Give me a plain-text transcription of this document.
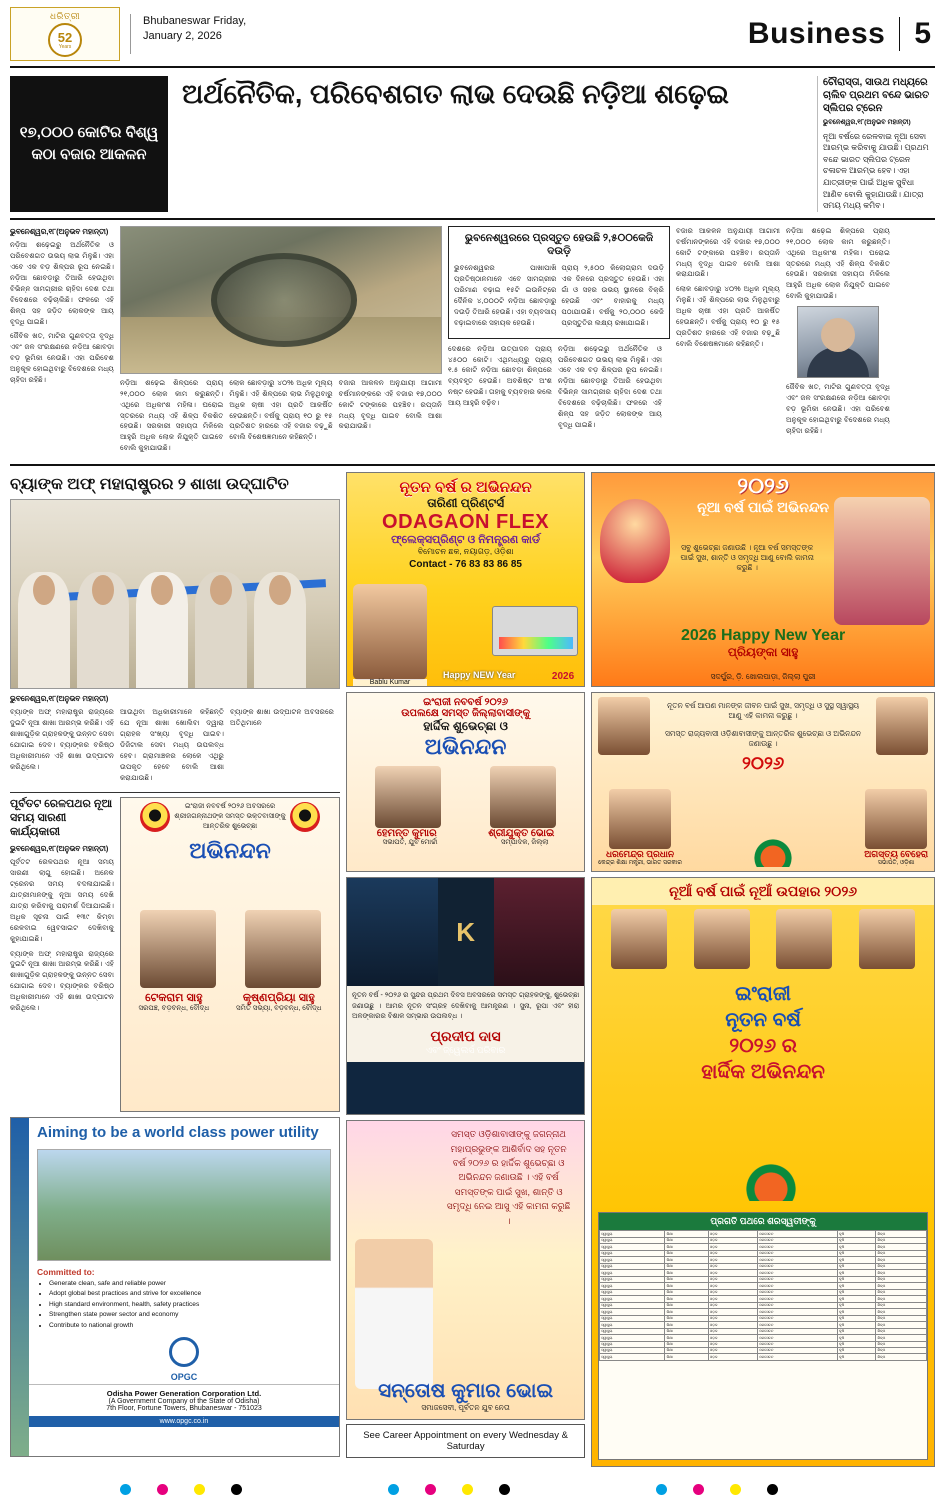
ଧରିତ୍ରୀ
52
Years
Bhubaneswar Friday,
January 2, 2026	Business 5
୧୭,୦୦୦ କୋଟିର ବିଶ୍ୱ କଠା ବଜାର ଆକଳନ
ଅର୍ଥନୈତିକ, ପରିବେଶଗତ ଲାଭ ଦେଉଛି ନଡ଼ିଆ ଶଢ଼େଇ	ଚୌରାସ୍ତା, ସାଉଥ ମଧ୍ୟରେ ଚାଲିବ ପ୍ରଥମ ବନ୍ଦେ ଭାରତ ସ୍ଲିପର ଟ୍ରେନ
ଭୁବନେଶ୍ୱର,୧୮(ଅନୁଭବ ମହାନ୍ତୀ)
ନୂଆ ବର୍ଷରେ ରେଳବାଇ ନୂଆ ସେବା ଆରମ୍ଭ କରିବାକୁ ଯାଉଛି। ପ୍ରଥମ ବନ୍ଦେ ଭାରତ ସ୍ଲିପର ଟ୍ରେନ ଚଳାଚଳ ଆରମ୍ଭ ହେବ। ଏହା ଯାତ୍ରୀଙ୍କ ପାଇଁ ଅଧିକ ସୁବିଧା ଆଣିବ ବୋଲି କୁହାଯାଉଛି। ଯାତ୍ରା ସମୟ ମଧ୍ୟ କମିବ।
ଭୁବନେଶ୍ୱର,୧୮(ଅନୁଭବ ମହାନ୍ତୀ)

ନଡ଼ିଆ ଶଢ଼େଇରୁ ଅର୍ଥନୈତିକ ଓ ପରିବେଶଗତ ଉଭୟ ଲାଭ ମିଳୁଛି। ଏହା ଏବେ ଏକ ବଡ଼ ଶିଳ୍ପର ରୂପ ନେଇଛି। ନଡ଼ିଆ ଛୋବଡ଼ାରୁ ତିଆରି ହେଉଥିବା ବିଭିନ୍ନ ସାମଗ୍ରୀର ଚାହିଦା ଦେଶ ତଥା ବିଦେଶରେ ବଢ଼ିଚାଲିଛି। ଫଳରେ ଏହି ଶିଳ୍ପ ସହ ଜଡ଼ିତ ଲୋକଙ୍କ ଆୟ ବୃଦ୍ଧି ପାଇଛି।

ଜୈବିକ ଖତ, ମାଟିର ଗୁଣବତ୍ତା ବୃଦ୍ଧି ଏବଂ ଜଳ ସଂରକ୍ଷଣରେ ନଡ଼ିଆ ଛୋବଡ଼ା ବଡ଼ ଭୂମିକା ନେଉଛି। ଏହା ପରିବେଶ ଅନୁକୂଳ ହୋଇଥିବାରୁ ବିଦେଶରେ ମଧ୍ୟ ଚାହିଦା ରହିଛି।	ନଡ଼ିଆ ଶଢ଼େଇ ଶିଳ୍ପରେ ପ୍ରାୟ ୨୧,୦୦୦ ଲୋକ କାମ କରୁଛନ୍ତି। ଏଥିରେ ଅଧିକାଂଶ ମହିଳା। ଘରୋଇ ସ୍ତରରେ ମଧ୍ୟ ଏହି ଶିଳ୍ପ ବିକଶିତ ହେଉଛି। ସରକାରୀ ସହାୟତା ମିଳିଲେ ଆହୁରି ଅଧିକ ଲୋକ ନିଯୁକ୍ତି ପାଇବେ ବୋଲି କୁହାଯାଉଛି।

ଲୋକ ଛୋବଡ଼ାରୁ ୪୦% ଅଧିକ ମୂଲ୍ୟ ମିଳୁଛି। ଏହି ଶିଳ୍ପରେ ଲାଭ ମିଳୁଥିବାରୁ ଅଧିକ ଚାଷୀ ଏହା ପ୍ରତି ଆକର୍ଷିତ ହେଉଛନ୍ତି। ବର୍ଷକୁ ପ୍ରାୟ ୧୦ ରୁ ୧୫ ପ୍ରତିଶତ ହାରରେ ଏହି ବଜାର ବଢ଼ୁଛି ବୋଲି ବିଶେଷଜ୍ଞମାନେ କହିଛନ୍ତି।

ବଜାର ଆକଳନ ଅନୁଯାୟୀ ଆଗାମୀ ବର୍ଷମାନଙ୍କରେ ଏହି ବଜାର ୧୭,୦୦୦ କୋଟି ଟଙ୍କାରେ ପହଞ୍ଚିବ। ରପ୍ତାନି ମଧ୍ୟ ବୃଦ୍ଧି ପାଇବ ବୋଲି ଆଶା କରାଯାଉଛି।

ଭୁବନେଶ୍ୱରରେ ପ୍ରସ୍ତୁତ ହେଉଛି ୨,୫୦୦କେଜି ଦଉଡ଼ି

ଭୁବନେଶ୍ୱରର ପାଖାପାଖି ପ୍ରତିଷ୍ଠାନମାନେ ଏବେ ସାମଗ୍ରୀର ପରିମାଣ ବଢ଼ାଇ ୧୫ଟି ଇଉନିଟ୍‌ରେ ଦୈନିକ ୪,୦୦୦ଟି ନଡ଼ିଆ ଛୋବଡ଼ାରୁ ଦଉଡ଼ି ତିଆରି ହେଉଛି। ଏହା ବ୍ୟବସାୟ ବଢ଼ାଇବାରେ ସହାୟକ ହେଉଛି।

ପ୍ରାୟ ୨,୫୦୦ କିଲୋଗ୍ରାମ ଦଉଡ଼ି ଏକ ଦିନରେ ପ୍ରସ୍ତୁତ ହେଉଛି। ଏହା ଗାଁ ଓ ସହର ଉଭୟ ସ୍ଥାନରେ ବିକ୍ରି ହେଉଛି ଏବଂ ବାହାରକୁ ମଧ୍ୟ ପଠାଯାଉଛି। ବର୍ଷକୁ ୨୦,୦୦୦ କେଜି ପ୍ରସ୍ତୁତିର ଲକ୍ଷ୍ୟ ରଖାଯାଇଛି।

ଦେଶରେ ନଡ଼ିଆ ଉତ୍ପାଦନ ପ୍ରାୟ ୪୫୦୦ କୋଟି। ଏଥିମଧ୍ୟରୁ ପ୍ରାୟ ୧.୫ କୋଟି ନଡ଼ିଆ ଛୋବଡ଼ା ଶିଳ୍ପରେ ବ୍ୟବହୃତ ହେଉଛି। ଅବଶିଷ୍ଟ ଅଂଶ ନଷ୍ଟ ହେଉଛି। ତାହାକୁ ବ୍ୟବହାର କଲେ ଆୟ ଆହୁରି ବଢ଼ିବ।

ନଡ଼ିଆ ଶଢ଼େଇରୁ ଅର୍ଥନୈତିକ ଓ ପରିବେଶଗତ ଉଭୟ ଲାଭ ମିଳୁଛି। ଏହା ଏବେ ଏକ ବଡ଼ ଶିଳ୍ପର ରୂପ ନେଇଛି। ନଡ଼ିଆ ଛୋବଡ଼ାରୁ ତିଆରି ହେଉଥିବା ବିଭିନ୍ନ ସାମଗ୍ରୀର ଚାହିଦା ଦେଶ ତଥା ବିଦେଶରେ ବଢ଼ିଚାଲିଛି। ଫଳରେ ଏହି ଶିଳ୍ପ ସହ ଜଡ଼ିତ ଲୋକଙ୍କ ଆୟ ବୃଦ୍ଧି ପାଇଛି।

ବଜାର ଆକଳନ ଅନୁଯାୟୀ ଆଗାମୀ ବର୍ଷମାନଙ୍କରେ ଏହି ବଜାର ୧୭,୦୦୦ କୋଟି ଟଙ୍କାରେ ପହଞ୍ଚିବ। ରପ୍ତାନି ମଧ୍ୟ ବୃଦ୍ଧି ପାଇବ ବୋଲି ଆଶା କରାଯାଉଛି।

ଲୋକ ଛୋବଡ଼ାରୁ ୪୦% ଅଧିକ ମୂଲ୍ୟ ମିଳୁଛି। ଏହି ଶିଳ୍ପରେ ଲାଭ ମିଳୁଥିବାରୁ ଅଧିକ ଚାଷୀ ଏହା ପ୍ରତି ଆକର୍ଷିତ ହେଉଛନ୍ତି। ବର୍ଷକୁ ପ୍ରାୟ ୧୦ ରୁ ୧୫ ପ୍ରତିଶତ ହାରରେ ଏହି ବଜାର ବଢ଼ୁଛି ବୋଲି ବିଶେଷଜ୍ଞମାନେ କହିଛନ୍ତି।

ନଡ଼ିଆ ଶଢ଼େଇ ଶିଳ୍ପରେ ପ୍ରାୟ ୨୧,୦୦୦ ଲୋକ କାମ କରୁଛନ୍ତି। ଏଥିରେ ଅଧିକାଂଶ ମହିଳା। ଘରୋଇ ସ୍ତରରେ ମଧ୍ୟ ଏହି ଶିଳ୍ପ ବିକଶିତ ହେଉଛି। ସରକାରୀ ସହାୟତା ମିଳିଲେ ଆହୁରି ଅଧିକ ଲୋକ ନିଯୁକ୍ତି ପାଇବେ ବୋଲି କୁହାଯାଉଛି।

ଜୈବିକ ଖତ, ମାଟିର ଗୁଣବତ୍ତା ବୃଦ୍ଧି ଏବଂ ଜଳ ସଂରକ୍ଷଣରେ ନଡ଼ିଆ ଛୋବଡ଼ା ବଡ଼ ଭୂମିକା ନେଉଛି। ଏହା ପରିବେଶ ଅନୁକୂଳ ହୋଇଥିବାରୁ ବିଦେଶରେ ମଧ୍ୟ ଚାହିଦା ରହିଛି।

ବ୍ୟାଙ୍କ ଅଫ୍ ମହାରାଷ୍ଟ୍ରର ୨ ଶାଖା ଉଦ୍‌ଘାଟିତ
ଭୁବନେଶ୍ୱର,୧୮(ଅନୁଭବ ମହାନ୍ତୀ)

ବ୍ୟାଙ୍କ ଅଫ୍ ମହାରାଷ୍ଟ୍ର ରାଜ୍ୟରେ ଦୁଇଟି ନୂଆ ଶାଖା ଆରମ୍ଭ କରିଛି। ଏହି ଶାଖାଗୁଡ଼ିକ ଗ୍ରାହକଙ୍କୁ ଉନ୍ନତ ସେବା ଯୋଗାଇ ଦେବ। ବ୍ୟାଙ୍କର ବରିଷ୍ଠ ଅଧିକାରୀମାନେ ଏହି ଶାଖା ଉଦ୍‌ଘାଟନ କରିଥିଲେ।

ଆଉଥିବା ଅଧିକାରୀମାନେ କହିଛନ୍ତି ଯେ ନୂଆ ଶାଖା ଖୋଲିବା ଦ୍ୱାରା ଗ୍ରାହକ ସଂଖ୍ୟା ବୃଦ୍ଧି ପାଇବ। ଡିଜିଟାଲ ସେବା ମଧ୍ୟ ଉପଲବ୍ଧ ହେବ। ଗ୍ରାମାଞ୍ଚଳର ଲୋକେ ଏଥିରୁ ଉପକୃତ ହେବେ ବୋଲି ଆଶା କରାଯାଉଛି।

ବ୍ୟାଙ୍କ ଶାଖା ଉଦ୍‌ଘାଟନ ଅବସରରେ ଅତିଥିମାନେ

ପୂର୍ବତଟ ରେଳପଥର ନୂଆ ସମୟ ସାରଣୀ କାର୍ଯ୍ୟକାରୀ
ଭୁବନେଶ୍ୱର,୧୮(ଅନୁଭବ ମହାନ୍ତୀ)

ପୂର୍ବତଟ ରେଳପଥର ନୂଆ ସମୟ ସାରଣୀ ଲାଗୁ ହୋଇଛି। ଅନେକ ଟ୍ରେନର ସମୟ ବଦଳାଯାଇଛି। ଯାତ୍ରୀମାନଙ୍କୁ ନୂଆ ସମୟ ଦେଖି ଯାତ୍ରା କରିବାକୁ ପରାମର୍ଶ ଦିଆଯାଇଛି। ଅଧିକ ସୂଚନା ପାଇଁ ୧୩୯ କିମ୍ବା ରେଳବାଇ ୱେବସାଇଟ ଦେଖିବାକୁ କୁହାଯାଇଛି।

ବ୍ୟାଙ୍କ ଅଫ୍ ମହାରାଷ୍ଟ୍ର ରାଜ୍ୟରେ ଦୁଇଟି ନୂଆ ଶାଖା ଆରମ୍ଭ କରିଛି। ଏହି ଶାଖାଗୁଡ଼ିକ ଗ୍ରାହକଙ୍କୁ ଉନ୍ନତ ସେବା ଯୋଗାଇ ଦେବ। ବ୍ୟାଙ୍କର ବରିଷ୍ଠ ଅଧିକାରୀମାନେ ଏହି ଶାଖା ଉଦ୍‌ଘାଟନ କରିଥିଲେ।

ଇଂରାଜୀ ନବବର୍ଷ ୨୦୨୬ ଅବସରରେ
ଶ୍ରୀଜଗନ୍ନାଥଙ୍କ ସମସ୍ତ ଭକ୍ତବାସୀଙ୍କୁ
ଆନ୍ତରିକ ଶୁଭେଚ୍ଛା
ଅଭିନନ୍ଦନ
ଟେକରାମ ସାହୁ	କୃଷ୍ଣପ୍ରିୟା ସାହୁ
ସରପଞ୍ଚ, ବଡ଼ବନ୍ଧ, ବୌଦ୍ଧ	ସମିତି ସଭ୍ୟା, ବଡ଼ବନ୍ଧ, ବୌଦ୍ଧ
Aiming to be a world class power utility
Committed to:
• Generate clean, safe and reliable power
• Adopt global best practices and strive for excellence
• High standard environment, health, safety practices
• Strengthen state power sector and economy
• Contribute to national growth
OPGC
Odisha Power Generation Corporation Ltd.
(A Government Company of the State of Odisha)
7th Floor, Fortune Towers, Bhubaneswar - 751023
www.opgc.co.in
ନୂତନ ବର୍ଷ ର ଅଭିନନ୍ଦନ
ତାରିଣୀ ପ୍ରିଣ୍ଟର୍ସ
ODAGAON FLEX
ଫ୍ଲେକ୍ସପ୍ରିଣ୍ଟ ଓ ନିମନ୍ତ୍ରଣ କାର୍ଡ
ବିମୋଚନ ଛକ, ନୟାଗଡ଼, ଓଡ଼ିଶା
Contact - 76 83 83 86 85
Bablu Kumar
2026
Happy NEW Year
ଇଂରାଜୀ ନବବର୍ଷ ୨୦୨୬
ଉପଲକ୍ଷେ ସମସ୍ତ ଜିଲ୍ଲାବାସୀଙ୍କୁ
ହାର୍ଦ୍ଦିକ ଶୁଭେଚ୍ଛା ଓ
ଅଭିନନ୍ଦନ
ହେମନ୍ତ କୁମାର	ଶ୍ରୀଯୁକ୍ତ ଭୋଇ
ସଭାପତି, ଯୁବ ମୋର୍ଚ୍ଚା	ସମ୍ପାଦକ, ଜିଲ୍ଲା
K
ନୂତନ ବର୍ଷ - ୨୦୨୬ ର ସୁନ୍ଦର ପ୍ରଥମ ଦିବସ ଅବସରରେ ସମସ୍ତ ଗ୍ରାହକଙ୍କୁ, ଶୁଭେଚ୍ଛା ଜଣାଉଛୁ । ଆମର ନୂତନ ସଂଗ୍ରହ ଦେଖିବାକୁ ଆମନ୍ତ୍ରଣ । ସୁନା, ରୂପା ଏବଂ ହୀରା ଅଳଙ୍କାରର ବିଶାଳ ସମ୍ଭାର ଉପଲବ୍ଧ ।
ପ୍ରଦୀପ ଦାସ
ଏବଂ ଜ୍ୱେଲର୍ସ ପରିବାର
ସମସ୍ତ ଓଡ଼ିଶାବାସୀଙ୍କୁ ଜଗନ୍ନାଥ ମହାପ୍ରଭୁଙ୍କ ଆଶିର୍ବାଦ ସହ ନୂତନ ବର୍ଷ ୨୦୨୬ ର ହାର୍ଦ୍ଦିକ ଶୁଭେଚ୍ଛା ଓ ଅଭିନନ୍ଦନ ଜଣାଉଛି । ଏହି ବର୍ଷ ସମସ୍ତଙ୍କ ପାଇଁ ସୁଖ, ଶାନ୍ତି ଓ ସମୃଦ୍ଧି ନେଇ ଆସୁ ଏହି କାମନା କରୁଛି ।
ସନ୍ତୋଷ କୁମାର ଭୋଇ
ସମାଜସେବୀ, ପୂର୍ବତନ ଯୁବ ନେତା
See Career Appointment on every Wednesday & Saturday
୨୦୨୬
ନୂଆ ବର୍ଷ ପାଇଁ ଅଭିନନ୍ଦନ
ସବୁ ଶୁଭେଚ୍ଛା ଜଣାଉଛି । ନୂଆ ବର୍ଷ ସମସ୍ତଙ୍କ ପାଇଁ ସୁଖ, ଶାନ୍ତି ଓ ସମୃଦ୍ଧି ଆଣୁ ବୋଲି କାମନା କରୁଛି ।
2026 Happy New Year
ପ୍ରିୟଙ୍କା ସାହୁ
ସଦର୍ପୁର, ଡ଼ି. ଖୋଲପାଡ଼ା, ଜିଲ୍ଲା ପୁରୀ
ନୂତନ ବର୍ଷ ଆପଣ ମାନଙ୍କ ଜୀବନ ପାଇଁ ସୁଖ, ସମୃଦ୍ଧି ଓ ସୁସ୍ଥ ସ୍ୱାସ୍ଥ୍ୟ ଆଣୁ ଏହି କାମନା କରୁଛୁ ।
ସମସ୍ତ ରାଜ୍ୟବାସୀ ଓଡ଼ିଶାବାସୀଙ୍କୁ ଆନ୍ତରିକ ଶୁଭେଚ୍ଛା ଓ ଅଭିନନ୍ଦନ ଜଣାଉଛୁ ।
୨୦୨୬
ଧରମେନ୍ଦ୍ର ପ୍ରଧାନ
କେନ୍ଦ୍ର ଶିକ୍ଷା ମନ୍ତ୍ରୀ, ଭାରତ ସରକାର
ଅଗସ୍ତ୍ୟ ବେହେରା
ସଭାପତି, ଓଡ଼ିଶା
ନୂଆଁ ବର୍ଷ ପାଇଁ ନୂଆଁ ଉପହାର ୨୦୨୬
ଇଂରାଜୀ
ନୂତନ ବର୍ଷ
୨୦୨୬ ର
ହାର୍ଦ୍ଦିକ ଅଭିନନ୍ଦନ
ପ୍ରଗତି ପଥରେ ଶରସ୍ୱତୀଙ୍କୁ
ସ୍ୱାସ୍ଥ୍ୟ	ଶିକ୍ଷା	ସଡ଼କ	ଜଳସେଚନ	କୃଷି	ଶିଳ୍ପ
ସ୍ୱାସ୍ଥ୍ୟ	ଶିକ୍ଷା	ସଡ଼କ	ଜଳସେଚନ	କୃଷି	ଶିଳ୍ପ
ସ୍ୱାସ୍ଥ୍ୟ	ଶିକ୍ଷା	ସଡ଼କ	ଜଳସେଚନ	କୃଷି	ଶିଳ୍ପ
ସ୍ୱାସ୍ଥ୍ୟ	ଶିକ୍ଷା	ସଡ଼କ	ଜଳସେଚନ	କୃଷି	ଶିଳ୍ପ
ସ୍ୱାସ୍ଥ୍ୟ	ଶିକ୍ଷା	ସଡ଼କ	ଜଳସେଚନ	କୃଷି	ଶିଳ୍ପ
ସ୍ୱାସ୍ଥ୍ୟ	ଶିକ୍ଷା	ସଡ଼କ	ଜଳସେଚନ	କୃଷି	ଶିଳ୍ପ
ସ୍ୱାସ୍ଥ୍ୟ	ଶିକ୍ଷା	ସଡ଼କ	ଜଳସେଚନ	କୃଷି	ଶିଳ୍ପ
ସ୍ୱାସ୍ଥ୍ୟ	ଶିକ୍ଷା	ସଡ଼କ	ଜଳସେଚନ	କୃଷି	ଶିଳ୍ପ
ସ୍ୱାସ୍ଥ୍ୟ	ଶିକ୍ଷା	ସଡ଼କ	ଜଳସେଚନ	କୃଷି	ଶିଳ୍ପ
ସ୍ୱାସ୍ଥ୍ୟ	ଶିକ୍ଷା	ସଡ଼କ	ଜଳସେଚନ	କୃଷି	ଶିଳ୍ପ
ସ୍ୱାସ୍ଥ୍ୟ	ଶିକ୍ଷା	ସଡ଼କ	ଜଳସେଚନ	କୃଷି	ଶିଳ୍ପ
ସ୍ୱାସ୍ଥ୍ୟ	ଶିକ୍ଷା	ସଡ଼କ	ଜଳସେଚନ	କୃଷି	ଶିଳ୍ପ
ସ୍ୱାସ୍ଥ୍ୟ	ଶିକ୍ଷା	ସଡ଼କ	ଜଳସେଚନ	କୃଷି	ଶିଳ୍ପ
ସ୍ୱାସ୍ଥ୍ୟ	ଶିକ୍ଷା	ସଡ଼କ	ଜଳସେଚନ	କୃଷି	ଶିଳ୍ପ
ସ୍ୱାସ୍ଥ୍ୟ	ଶିକ୍ଷା	ସଡ଼କ	ଜଳସେଚନ	କୃଷି	ଶିଳ୍ପ
ସ୍ୱାସ୍ଥ୍ୟ	ଶିକ୍ଷା	ସଡ଼କ	ଜଳସେଚନ	କୃଷି	ଶିଳ୍ପ
ସ୍ୱାସ୍ଥ୍ୟ	ଶିକ୍ଷା	ସଡ଼କ	ଜଳସେଚନ	କୃଷି	ଶିଳ୍ପ
ସ୍ୱାସ୍ଥ୍ୟ	ଶିକ୍ଷା	ସଡ଼କ	ଜଳସେଚନ	କୃଷି	ଶିଳ୍ପ
ସ୍ୱାସ୍ଥ୍ୟ	ଶିକ୍ଷା	ସଡ଼କ	ଜଳସେଚନ	କୃଷି	ଶିଳ୍ପ
ସ୍ୱାସ୍ଥ୍ୟ	ଶିକ୍ଷା	ସଡ଼କ	ଜଳସେଚନ	କୃଷି	ଶିଳ୍ପ
